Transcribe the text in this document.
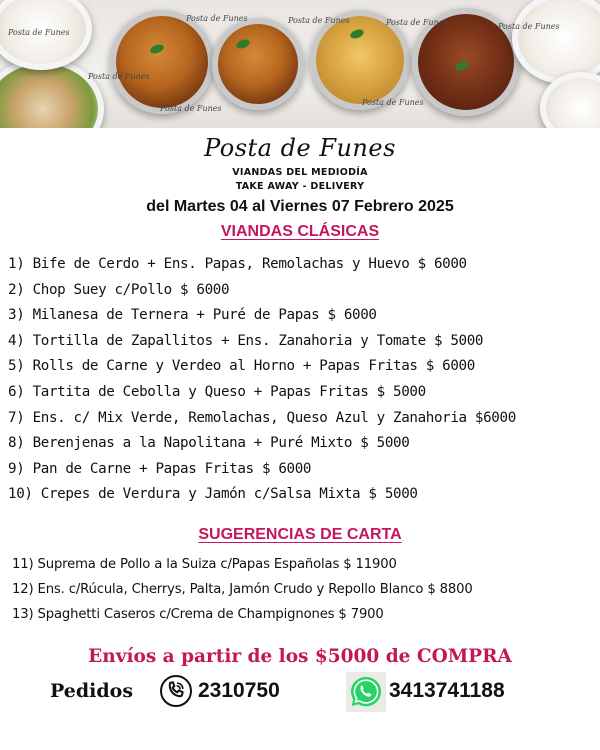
Posta de Funes
Posta de Funes	Posta de Funes	Posta de Funes	Posta de Funes
Posta de Funes
Posta de Funes
Posta de Funes
Posta de Funes
VIANDAS DEL MEDIODÍA
TAKE AWAY - DELIVERY
del Martes 04 al Viernes 07 Febrero 2025
VIANDAS CLÁSICAS
1) Bife de Cerdo + Ens. Papas, Remolachas y Huevo $ 6000
2) Chop Suey c/Pollo $ 6000
3) Milanesa de Ternera + Puré de Papas $ 6000
4) Tortilla de Zapallitos + Ens. Zanahoria y Tomate $ 5000
5) Rolls de Carne y Verdeo al Horno + Papas Fritas $ 6000
6) Tartita de Cebolla y Queso + Papas Fritas $ 5000
7) Ens. c/ Mix Verde, Remolachas, Queso Azul y Zanahoria $6000
8) Berenjenas a la Napolitana + Puré Mixto $ 5000
9) Pan de Carne + Papas Fritas $ 6000
10) Crepes de Verdura y Jamón c/Salsa Mixta $ 5000
SUGERENCIAS DE CARTA
11) Suprema de Pollo a la Suiza c/Papas Españolas $ 11900
12) Ens. c/Rúcula, Cherrys, Palta, Jamón Crudo y Repollo Blanco $ 8800
13) Spaghetti Caseros c/Crema de Champignones $ 7900
Envíos a partir de los $5000 de COMPRA
Pedidos	2310750	3413741188
